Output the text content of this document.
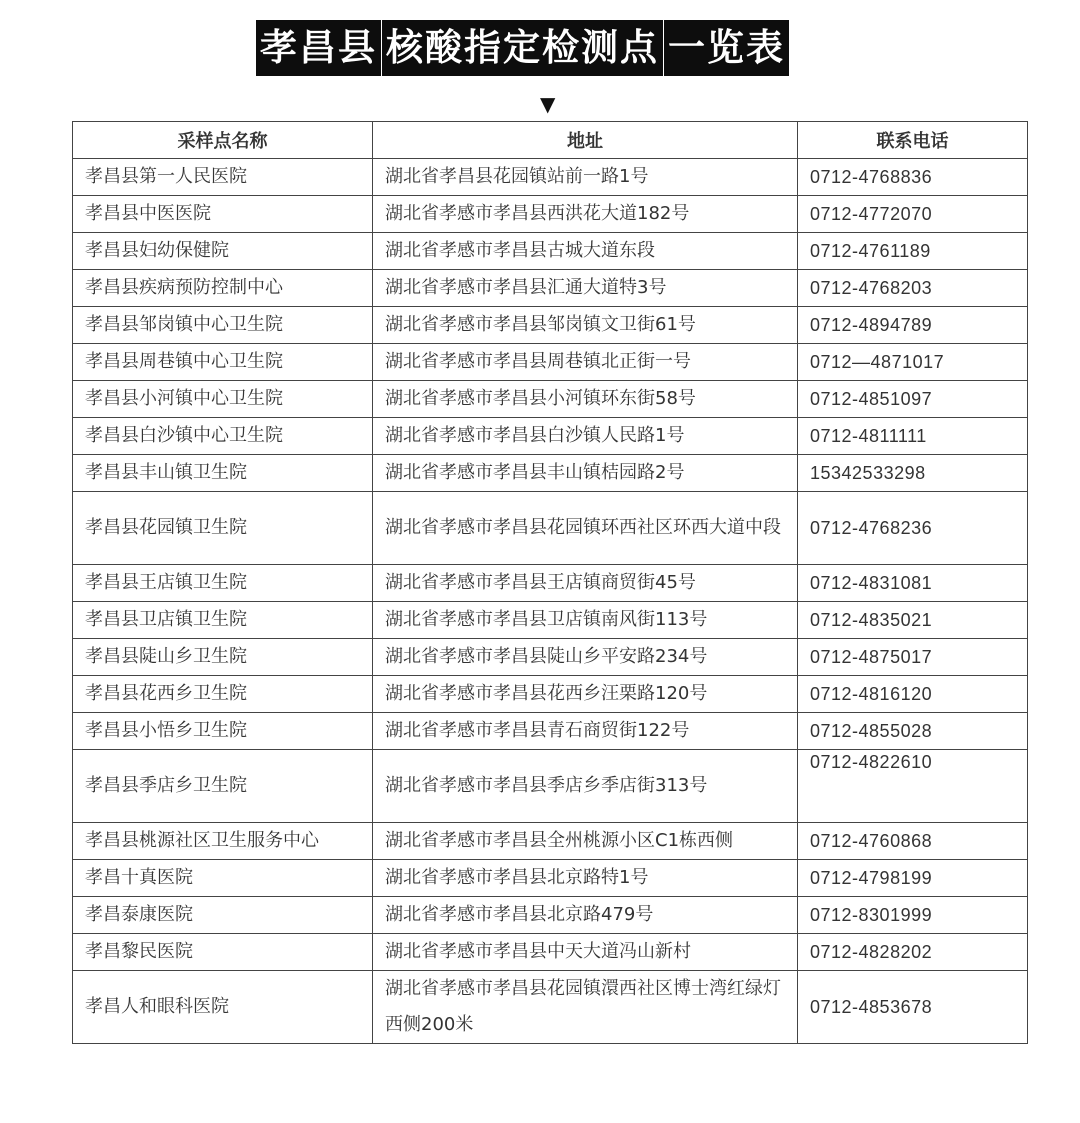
孝昌县 核酸指定检测点 一览表
▼
采样点名称	地址	联系电话
孝昌县第一人民医院	湖北省孝昌县花园镇站前一路1号	0712-4768836
孝昌县中医医院	湖北省孝感市孝昌县西洪花大道182号	0712-4772070
孝昌县妇幼保健院	湖北省孝感市孝昌县古城大道东段	0712-4761189
孝昌县疾病预防控制中心	湖北省孝感市孝昌县汇通大道特3号	0712-4768203
孝昌县邹岗镇中心卫生院	湖北省孝感市孝昌县邹岗镇文卫街61号	0712-4894789
孝昌县周巷镇中心卫生院	湖北省孝感市孝昌县周巷镇北正街一号	0712—4871017
孝昌县小河镇中心卫生院	湖北省孝感市孝昌县小河镇环东街58号	0712-4851097
孝昌县白沙镇中心卫生院	湖北省孝感市孝昌县白沙镇人民路1号	0712-4811111
孝昌县丰山镇卫生院	湖北省孝感市孝昌县丰山镇桔园路2号	15342533298
孝昌县花园镇卫生院	湖北省孝感市孝昌县花园镇环西社区环西大道中段	0712-4768236
孝昌县王店镇卫生院	湖北省孝感市孝昌县王店镇商贸街45号	0712-4831081
孝昌县卫店镇卫生院	湖北省孝感市孝昌县卫店镇南风街113号	0712-4835021
孝昌县陡山乡卫生院	湖北省孝感市孝昌县陡山乡平安路234号	0712-4875017
孝昌县花西乡卫生院	湖北省孝感市孝昌县花西乡汪栗路120号	0712-4816120
孝昌县小悟乡卫生院	湖北省孝感市孝昌县青石商贸街122号	0712-4855028
孝昌县季店乡卫生院	湖北省孝感市孝昌县季店乡季店街313号	0712-4822610
孝昌县桃源社区卫生服务中心	湖北省孝感市孝昌县全州桃源小区C1栋西侧	0712-4760868
孝昌十真医院	湖北省孝感市孝昌县北京路特1号	0712-4798199
孝昌泰康医院	湖北省孝感市孝昌县北京路479号	0712-8301999
孝昌黎民医院	湖北省孝感市孝昌县中天大道冯山新村	0712-4828202
孝昌人和眼科医院	湖北省孝感市孝昌县花园镇澴西社区博士湾红绿灯西侧200米	0712-4853678
